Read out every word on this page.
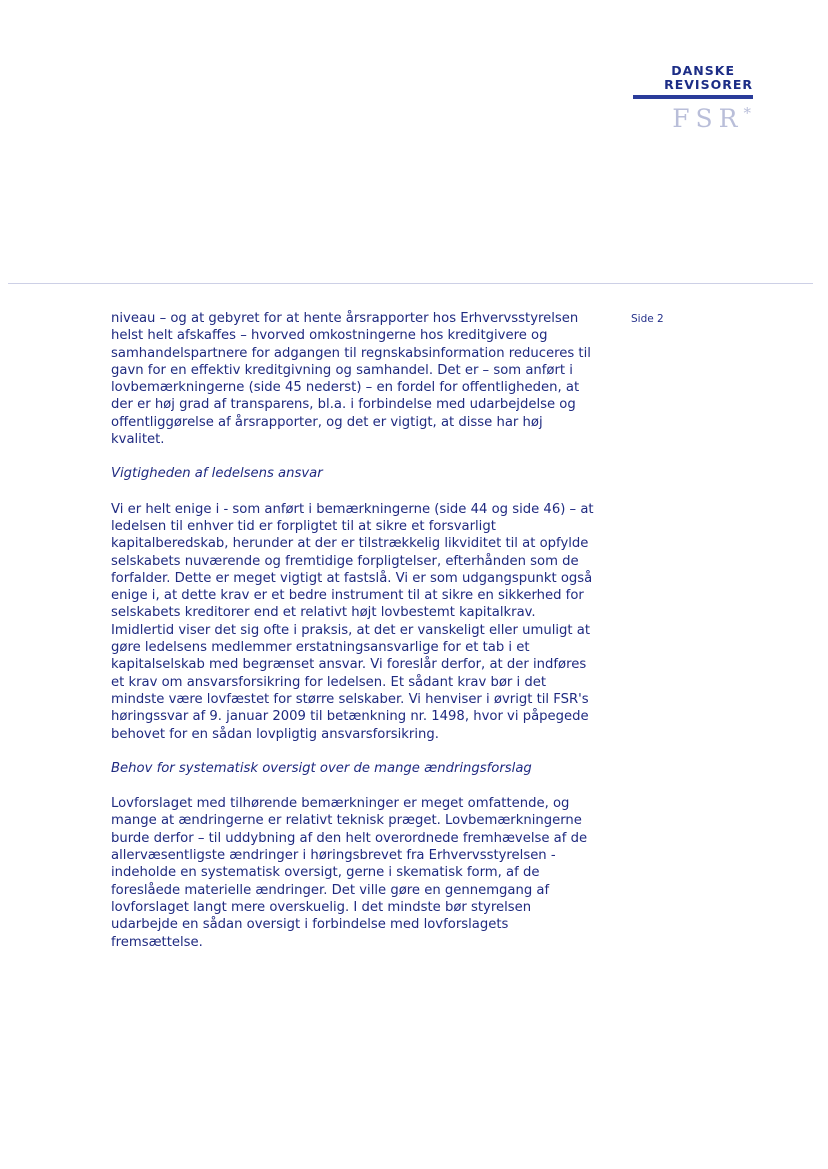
DANSKE
REVISORER
FSR*
Side 2

niveau – og at gebyret for at hente årsrapporter hos Erhvervsstyrelsen helst helt afskaffes – hvorved omkostningerne hos kreditgivere og samhandelspartnere for adgangen til regnskabsinformation reduceres til gavn for en effektiv kreditgivning og samhandel. Det er – som anført i lovbemærkningerne (side 45 nederst) – en fordel for offentligheden, at der er høj grad af transparens, bl.a. i forbindelse med udarbejdelse og offentliggørelse af årsrapporter, og det er vigtigt, at disse har høj kvalitet.

Vigtigheden af ledelsens ansvar

Vi er helt enige i - som anført i bemærkningerne (side 44 og side 46) – at ledelsen til enhver tid er forpligtet til at sikre et forsvarligt kapitalberedskab, herunder at der er tilstrækkelig likviditet til at opfylde selskabets nuværende og fremtidige forpligtelser, efterhånden som de forfalder. Dette er meget vigtigt at fastslå. Vi er som udgangspunkt også enige i, at dette krav er et bedre instrument til at sikre en sikkerhed for selskabets kreditorer end et relativt højt lovbestemt kapitalkrav. Imidlertid viser det sig ofte i praksis, at det er vanskeligt eller umuligt at gøre ledelsens medlemmer erstatningsansvarlige for et tab i et kapitalselskab med begrænset ansvar. Vi foreslår derfor, at der indføres et krav om ansvarsforsikring for ledelsen. Et sådant krav bør i det mindste være lovfæstet for større selskaber. Vi henviser i øvrigt til FSR's høringssvar af 9. januar 2009 til betænkning nr. 1498, hvor vi påpegede behovet for en sådan lovpligtig ansvarsforsikring.

Behov for systematisk oversigt over de mange ændringsforslag

Lovforslaget med tilhørende bemærkninger er meget omfattende, og mange at ændringerne er relativt teknisk præget. Lovbemærkningerne burde derfor – til uddybning af den helt overordnede fremhævelse af de allervæsentligste ændringer i høringsbrevet fra Erhvervsstyrelsen - indeholde en systematisk oversigt, gerne i skematisk form, af de foreslåede materielle ændringer. Det ville gøre en gennemgang af lovforslaget langt mere overskuelig. I det mindste bør styrelsen udarbejde en sådan oversigt i forbindelse med lovforslagets fremsættelse.
